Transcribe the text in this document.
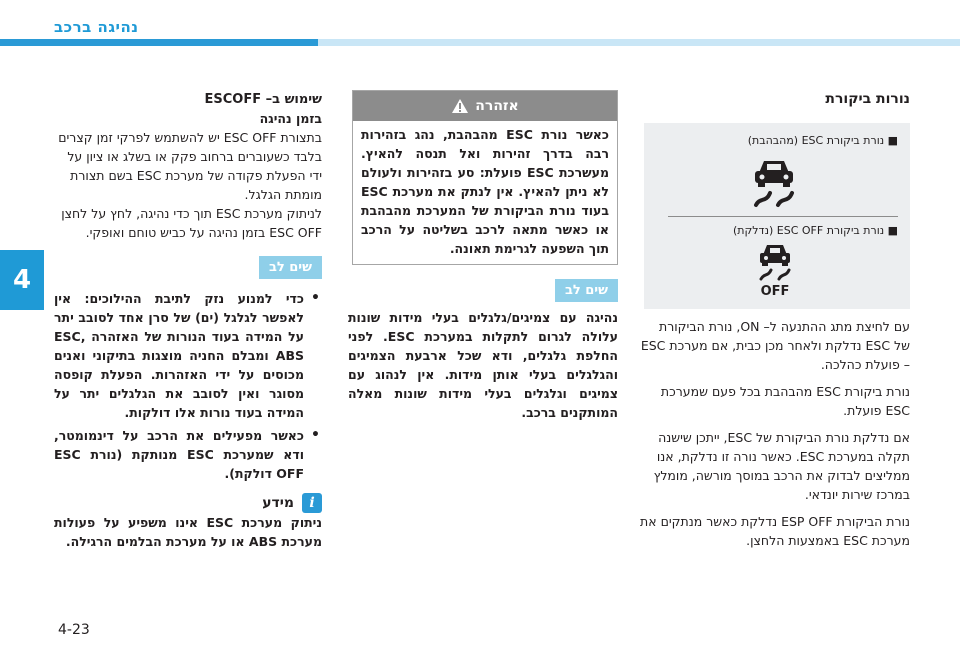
נהיגה ברכב
4
4-23

נורות ביקורת

■ נורת ביקורת ESC (מהבהבת)
■ נורת ביקורת ESC OFF (נדלקת)
OFF

עם לחיצת מתג ההתנעה ל– ON, נורת הביקורת של ESC נדלקת ולאחר מכן כבית, אם מערכת ESC – פועלת כהלכה.

נורת ביקורת ESC מהבהבת בכל פעם שמערכת ESC פועלת.

אם נדלקת נורת הביקורת של ESC, ייתכן שישנה תקלה במערכת ESC. כאשר נורה זו נדלקת, אנו ממליצים לבדוק את הרכב במוסך מורשה, מומלץ במרכז שירות יונדאי.

נורת הביקורת ESP OFF נדלקת כאשר מנתקים את מערכת ESC באמצעות הלחצן.

אזהרה

כאשר נורת ESC מהבהבת, נהג בזהירות רבה בדרך זהירות ואל תנסה להאיץ. מעשרכת ESC פועלת: סע בזהירות ולעולם לא ניתן להאיץ. אין לנתק את מערכת ESC בעוד נורת הביקורת של המערכת מהבהבת או כאשר מתאה לרכב בשליטה על הרכב תוך השפעה לגרימת תאונה.

שים לב

נהיגה עם צמיגים/גלגלים בעלי מידות שונות עלולה לגרום לתקלות במערכת ESC. לפני החלפת גלגלים, ודא שכל ארבעת הצמיגים והגלגלים בעלי אותן מידות. אין לנהוג עם צמיגים וגלגלים בעלי מידות שונות מאלה המותקנים ברכב.

שימוש ב– ESCOFF

בזמן נהיגה

בתצורת ESC OFF יש להשתמש לפרקי זמן קצרים בלבד כשעוברים ברחוב פקק או בשלג או ציון על ידי הפעלת פקודה של מערכת ESC בשם תצורת מומתת הגלגל.

לניתוק מערכת ESC תוך כדי נהיגה, לחץ על לחצן ESC OFF בזמן נהיגה על כביש טוחם ואופקי.

שים לב
• כדי למנוע נזק לתיבת ההילוכים: אין לאפשר לגלגל (ים) של סרן אחד לסובב יתר על המידה בעוד הנורות של האזהרה ESC, ABS ומבלם החניה מוצגות בתיקוני ואנים מכוסים על ידי האזהרות. הפעלת קופסה מסוגר ואין לסובב את הגלגלים יתר על המידה בעוד נורות אלו דולקות.
• כאשר מפעילים את הרכב על דינמומטר, ודא שמערכת ESC מנותקת (נורת ESC OFF דולקת).
i
מידע

ניתוק מערכת ESC אינו משפיע על פעולות מערכת ABS או על מערכת הבלמים הרגילה.
